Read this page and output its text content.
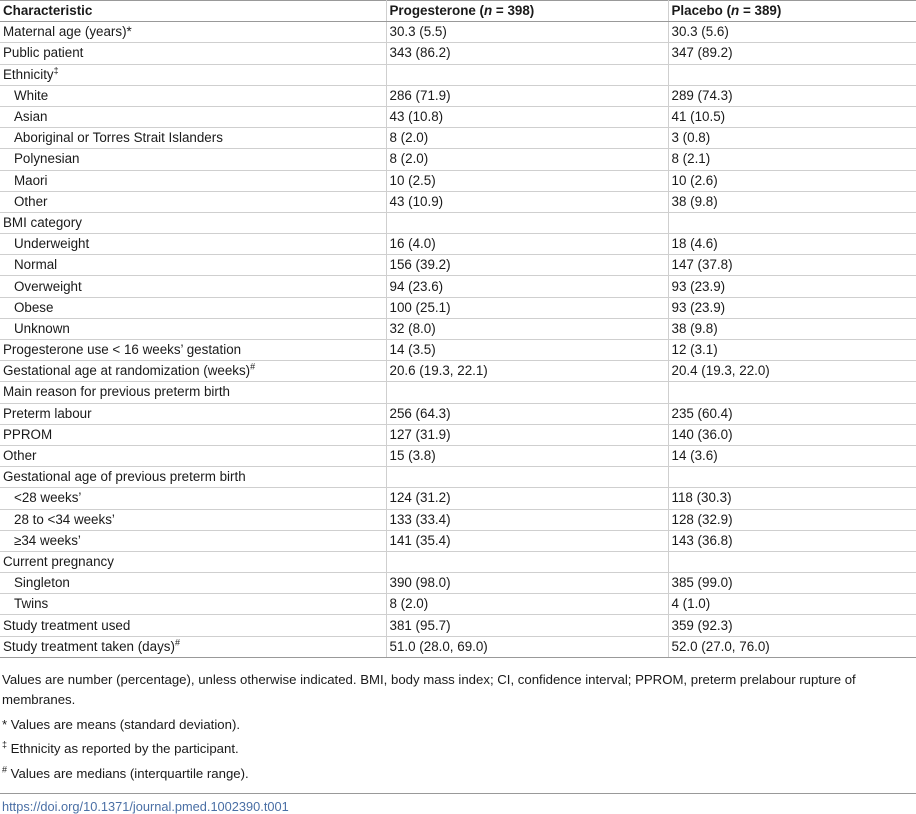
Characteristic	Progesterone (n = 398)	Placebo (n = 389)
Maternal age (years)*	30.3 (5.5)	30.3 (5.6)
Public patient	343 (86.2)	347 (89.2)
Ethnicity‡		
White	286 (71.9)	289 (74.3)
Asian	43 (10.8)	41 (10.5)
Aboriginal or Torres Strait Islanders	8 (2.0)	3 (0.8)
Polynesian	8 (2.0)	8 (2.1)
Maori	10 (2.5)	10 (2.6)
Other	43 (10.9)	38 (9.8)
BMI category		
Underweight	16 (4.0)	18 (4.6)
Normal	156 (39.2)	147 (37.8)
Overweight	94 (23.6)	93 (23.9)
Obese	100 (25.1)	93 (23.9)
Unknown	32 (8.0)	38 (9.8)
Progesterone use < 16 weeks’ gestation	14 (3.5)	12 (3.1)
Gestational age at randomization (weeks)#	20.6 (19.3, 22.1)	20.4 (19.3, 22.0)
Main reason for previous preterm birth		
Preterm labour	256 (64.3)	235 (60.4)
PPROM	127 (31.9)	140 (36.0)
Other	15 (3.8)	14 (3.6)
Gestational age of previous preterm birth		
<28 weeks’	124 (31.2)	118 (30.3)
28 to <34 weeks’	133 (33.4)	128 (32.9)
≥34 weeks’	141 (35.4)	143 (36.8)
Current pregnancy		
Singleton	390 (98.0)	385 (99.0)
Twins	8 (2.0)	4 (1.0)
Study treatment used	381 (95.7)	359 (92.3)
Study treatment taken (days)#	51.0 (28.0, 69.0)	52.0 (27.0, 76.0)

Values are number (percentage), unless otherwise indicated. BMI, body mass index; CI, confidence interval; PPROM, preterm prelabour rupture of membranes.

* Values are means (standard deviation).

‡ Ethnicity as reported by the participant.

# Values are medians (interquartile range).

https://doi.org/10.1371/journal.pmed.1002390.t001
